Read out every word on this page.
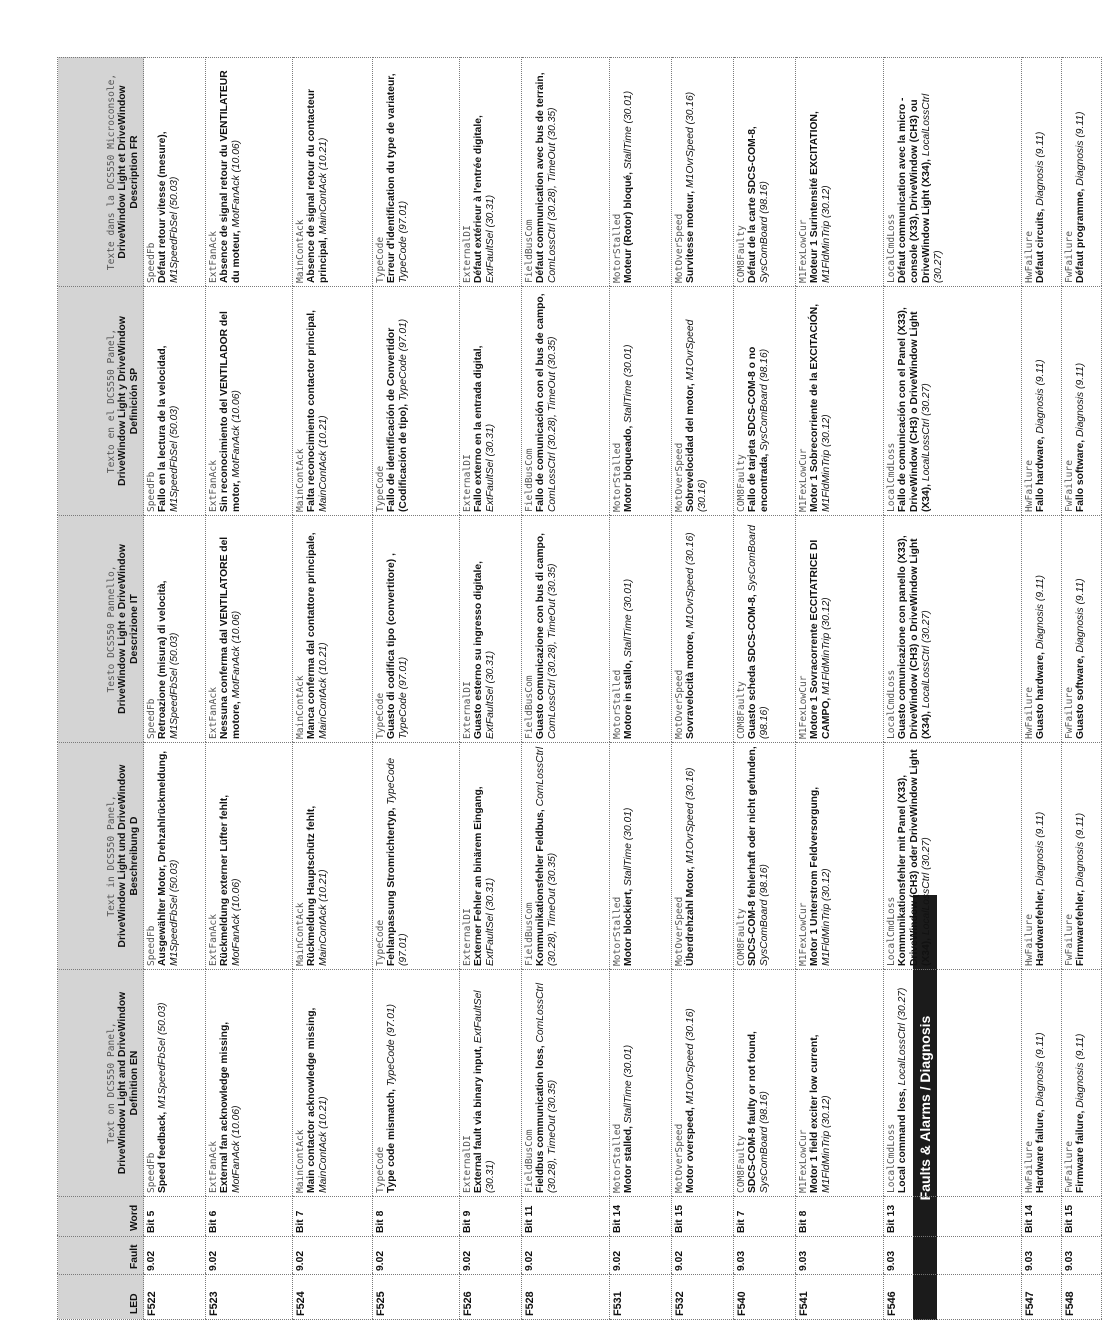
Faults & Alarms / Diagnosis
LED	Fault	Word	Text on DCS550 Panel, DriveWindow Light and DriveWindow Definition EN	Text in DCS550 Panel, DriveWindow Light und DriveWindow Beschreibung D	Testo DCS550 Pannello, DriveWindow Light e DriveWindow Descrizione IT	Texto en el DCS550 Panel, DriveWindow Light y DriveWindow Definición SP	Texte dans la DCS550 Microconsole, DriveWindow Light et DriveWindow Description FR
F522	9.02	Bit 5	SpeedFb Speed feedback, M1SpeedFbSel (50.03)	SpeedFb Ausgewählter Motor, Drehzahlrückmeldung, M1SpeedFbSel (50.03)	SpeedFb Retroazione (misura) di velocità, M1SpeedFbSel (50.03)	SpeedFb Fallo en la lectura de la velocidad, M1SpeedFbSel (50.03)	SpeedFb Défaut retour vitesse (mesure), M1SpeedFbSel (50.03)
F523	9.02	Bit 6	ExtFanAck External fan acknowledge missing, MotFanAck (10.06)	ExtFanAck Rückmeldung externer Lüfter fehlt, MotFanAck (10.06)	ExtFanAck Nessuna conferma dal VENTILATORE del motore, MotFanAck (10.06)	ExtFanAck Sin reconocimiento del VENTILADOR del motor, MotFanAck (10.06)	ExtFanAck Absence de signal retour du VENTILATEUR du moteur, MotFanAck (10.06)
F524	9.02	Bit 7	MainContAck Main contactor acknowledge missing, MainContAck (10.21)	MainContAck Rückmeldung Hauptschütz fehlt, MainContAck (10.21)	MainContAck Manca conferma dal contattore principale, MainContAck (10.21)	MainContAck Falta reconocimiento contactor principal, MainContAck (10.21)	MainContAck Absence de signal retour du contacteur principal, MainContAck (10.21)
F525	9.02	Bit 8	TypeCode Type code mismatch, TypeCode (97.01)	TypeCode Fehlanpassung Stromrichtertyp, TypeCode (97.01)	TypeCode Guasto di codifica tipo (convertitore) , TypeCode (97.01)	TypeCode Fallo de identificación de Convertidor (Codificación de tipo), TypeCode (97.01)	TypeCode Erreur d'identification du type de variateur, TypeCode (97.01)
F526	9.02	Bit 9	ExternalDI External fault via binary input, ExtFaultSel (30.31)	ExternalDI Externer Fehler an binärem Eingang, ExtFaultSel (30.31)	ExternalDI Guasto esterno su ingresso digitale, ExtFaultSel (30.31)	ExternalDI Fallo externo en la entrada digital, ExtFaultSel (30.31)	ExternalDI Défaut extérieur à l'entrée digitale, ExtFaultSel (30.31)
F528	9.02	Bit 11	FieldBusCom Fieldbus communication loss, ComLossCtrl (30.28), TimeOut (30.35)	FieldBusCom Kommunikationsfehler Feldbus, ComLossCtrl (30.28), TimeOut (30.35)	FieldBusCom Guasto comunicazione con bus di campo, ComLossCtrl (30.28), TimeOut (30.35)	FieldBusCom Fallo de comunicación con el bus de campo, ComLossCtrl (30.28), TimeOut (30.35)	FieldBusCom Défaut communication avec bus de terrain, ComLossCtrl (30.28), TimeOut (30.35)
F531	9.02	Bit 14	MotorStalled Motor stalled, StallTime (30.01)	MotorStalled Motor blockiert, StallTime (30.01)	MotorStalled Motore in stallo, StallTime (30.01)	MotorStalled Motor bloqueado, StallTime (30.01)	MotorStalled Moteur (Rotor) bloqué, StallTime (30.01)
F532	9.02	Bit 15	MotOverSpeed Motor overspeed, M1OvrSpeed (30.16)	MotOverSpeed Überdrehzahl Motor, M1OvrSpeed (30.16)	MotOverSpeed Sovravelocità motore, M1OvrSpeed (30.16)	MotOverSpeed Sobrevelocidad del motor, M1OvrSpeed (30.16)	MotOverSpeed Survitesse moteur, M1OvrSpeed (30.16)
F540	9.03	Bit 7	COM8Faulty SDCS-COM-8 faulty or not found, SysComBoard (98.16)	COM8Faulty SDCS-COM-8 fehlerhaft oder nicht gefunden, SysComBoard (98.16)	COM8Faulty Guasto scheda SDCS-COM-8, SysComBoard (98.16)	COM8Faulty Fallo de tarjeta SDCS-COM-8 o no encontrada, SysComBoard (98.16)	COM8Faulty Défaut de la carte SDCS-COM-8, SysComBoard (98.16)
F541	9.03	Bit 8	M1FexLowCur Motor 1 field exciter low current, M1FldMinTrip (30.12)	M1FexLowCur Motor 1 Unterstrom Feldversorgung, M1FldMinTrip (30.12)	M1FexLowCur Motore 1 Sovracorrente ECCITATRICE DI CAMPO, M1FldMinTrip (30.12)	M1FexLowCur Motor 1 Sobrecorriente de la EXCITACIÓN, M1FldMinTrip (30.12)	M1FexLowCur Moteur 1 Surintensité EXCITATION, M1FldMinTrip (30.12)
F546	9.03	Bit 13	LocalCmdLoss Local command loss, LocalLossCtrl (30.27)	LocalCmdLoss Kommunikationsfehler mit Panel (X33), DriveWindow (CH3) oder DriveWindow Light (X34), LocalLossCtrl (30.27)	LocalCmdLoss Guasto comunicazione con panello (X33), DriveWindow (CH3) o DriveWindow Light (X34), LocalLossCtrl (30.27)	LocalCmdLoss Fallo de comunicación con el Panel (X33), DriveWindow (CH3) o DriveWindow Light (X34), LocalLossCtrl (30.27)	LocalCmdLoss Défaut communication avec la micro - console (X33), DriveWindow (CH3) ou DriveWindow Light (X34), LocalLossCtrl (30.27)
F547	9.03	Bit 14	HwFailure Hardware failure, Diagnosis (9.11)	HwFailure Hardwarefehler, Diagnosis (9.11)	HwFailure Guasto hardware, Diagnosis (9.11)	HwFailure Fallo hardware, Diagnosis (9.11)	HwFailure Défaut circuits, Diagnosis (9.11)
F548	9.03	Bit 15	FwFailure Firmware failure, Diagnosis (9.11)	FwFailure Firmwarefehler, Diagnosis (9.11)	FwFailure Guasto software, Diagnosis (9.11)	FwFailure Fallo software, Diagnosis (9.11)	FwFailure Défaut programme, Diagnosis (9.11)
